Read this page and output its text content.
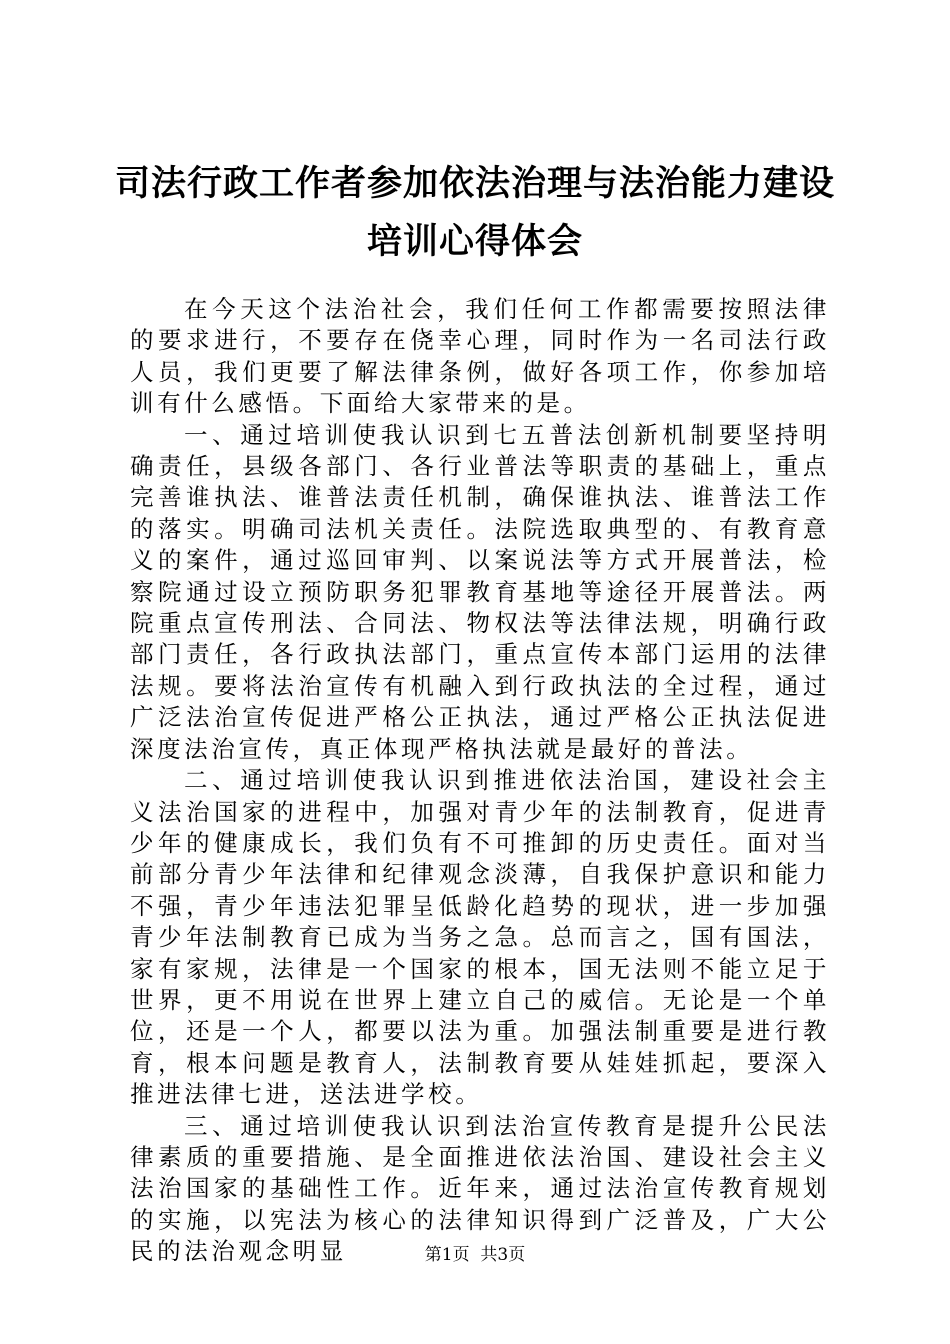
司法行政工作者参加依法治理与法治能力建设
培训心得体会

在今天这个法治社会，我们任何工作都需要按照法律的要求进行，不要存在侥幸心理，同时作为一名司法行政人员，我们更要了解法律条例，做好各项工作，你参加培训有什么感悟。下面给大家带来的是。

一、通过培训使我认识到七五普法创新机制要坚持明确责任，县级各部门、各行业普法等职责的基础上，重点完善谁执法、谁普法责任机制，确保谁执法、谁普法工作的落实。明确司法机关责任。法院选取典型的、有教育意义的案件，通过巡回审判、以案说法等方式开展普法，检察院通过设立预防职务犯罪教育基地等途径开展普法。两院重点宣传刑法、合同法、物权法等法律法规，明确行政部门责任，各行政执法部门，重点宣传本部门运用的法律法规。要将法治宣传有机融入到行政执法的全过程，通过广泛法治宣传促进严格公正执法，通过严格公正执法促进深度法治宣传，真正体现严格执法就是最好的普法。

二、通过培训使我认识到推进依法治国，建设社会主义法治国家的进程中，加强对青少年的法制教育，促进青少年的健康成长，我们负有不可推卸的历史责任。面对当前部分青少年法律和纪律观念淡薄，自我保护意识和能力不强，青少年违法犯罪呈低龄化趋势的现状，进一步加强青少年法制教育已成为当务之急。总而言之，国有国法，家有家规，法律是一个国家的根本，国无法则不能立足于世界，更不用说在世界上建立自己的威信。无论是一个单位，还是一个人，都要以法为重。加强法制重要是进行教育，根本问题是教育人，法制教育要从娃娃抓起，要深入推进法律七进，送法进学校。

三、通过培训使我认识到法治宣传教育是提升公民法律素质的重要措施、是全面推进依法治国、建设社会主义法治国家的基础性工作。近年来，通过法治宣传教育规划的实施，以宪法为核心的法律知识得到广泛普及，广大公民的法治观念明显	第1页  共3页
